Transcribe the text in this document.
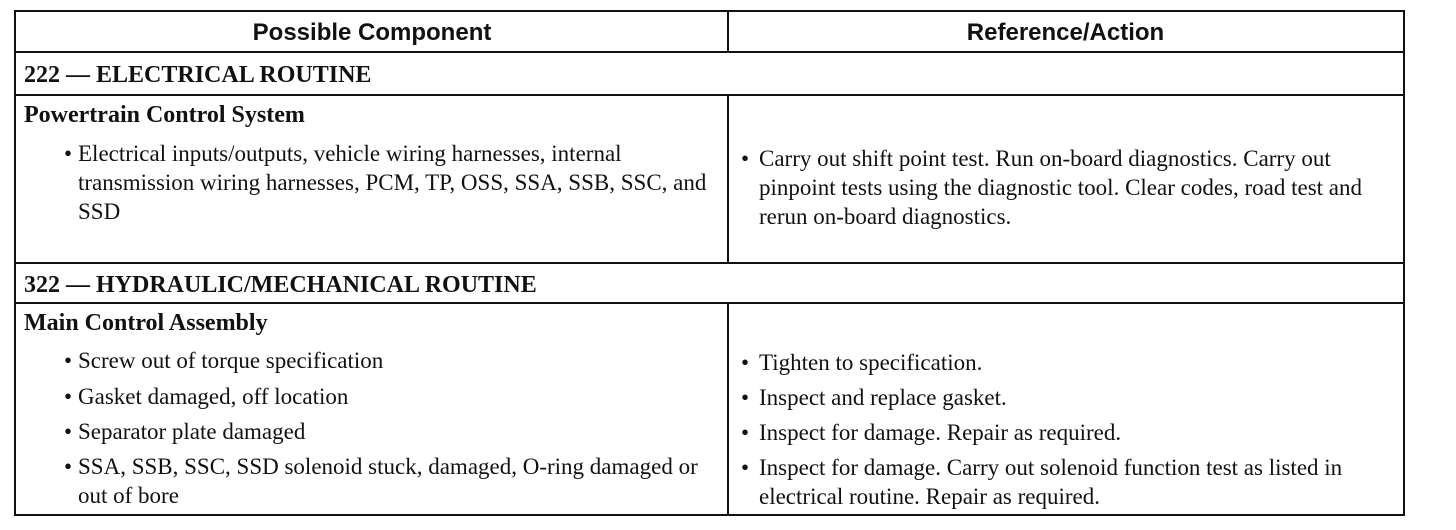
Possible Component	Reference/Action
222 — ELECTRICAL ROUTINE
Powertrain Control System
• Electrical inputs/outputs, vehicle wiring harnesses, internal transmission wiring harnesses, PCM, TP, OSS, SSA, SSB, SSC, and SSD
• Carry out shift point test. Run on-board diagnostics. Carry out pinpoint tests using the diagnostic tool. Clear codes, road test and rerun on-board diagnostics.
322 — HYDRAULIC/MECHANICAL ROUTINE
Main Control Assembly
• Screw out of torque specification
• Gasket damaged, off location
• Separator plate damaged
• SSA, SSB, SSC, SSD solenoid stuck, damaged, O-ring damaged or out of bore
• Tighten to specification.
• Inspect and replace gasket.
• Inspect for damage. Repair as required.
• Inspect for damage. Carry out solenoid function test as listed in electrical routine. Repair as required.
